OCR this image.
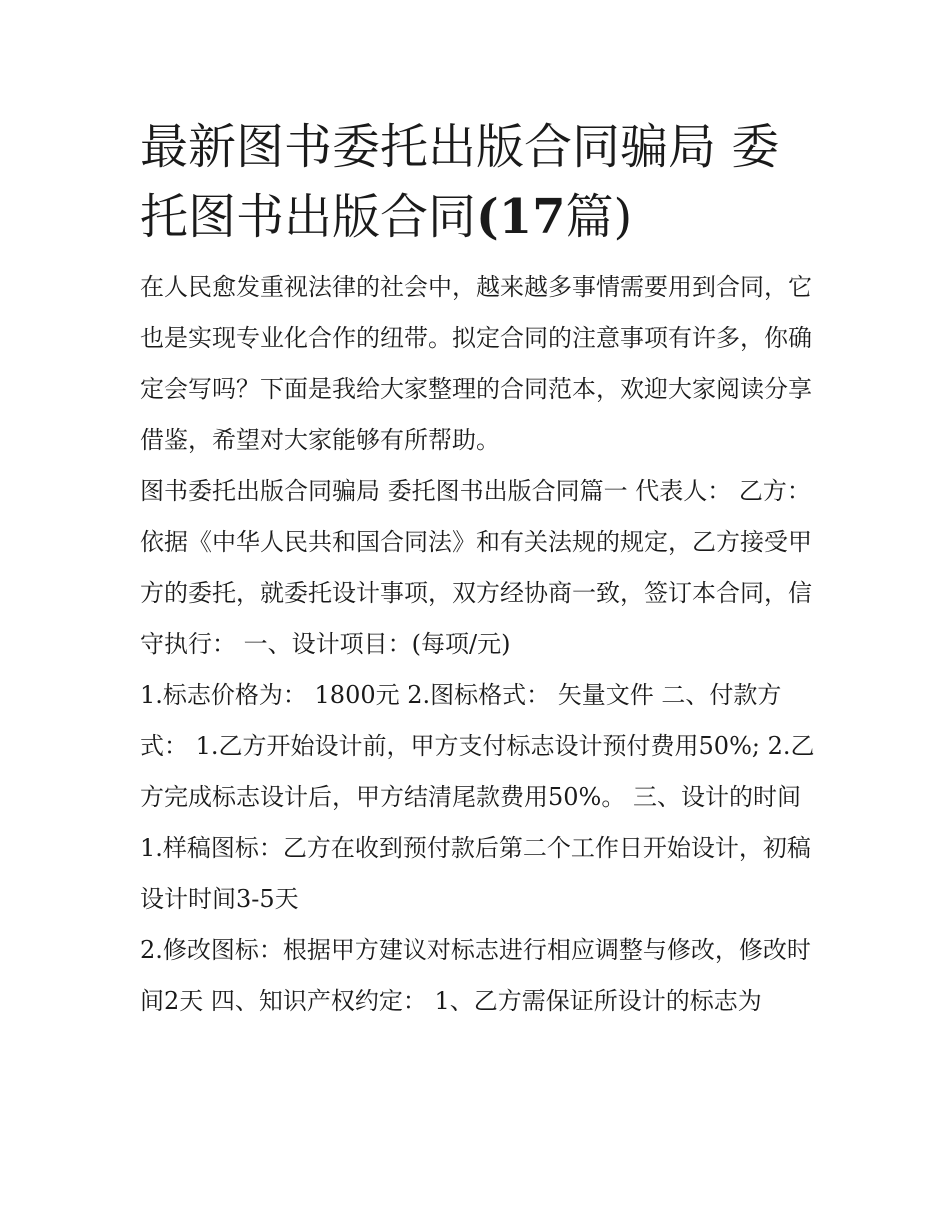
最新图书委托出版合同骗局 委托图书出版合同(17篇)

在人民愈发重视法律的社会中，越来越多事情需要用到合同，它也是实现专业化合作的纽带。拟定合同的注意事项有许多，你确定会写吗？下面是我给大家整理的合同范本，欢迎大家阅读分享借鉴，希望对大家能够有所帮助。

图书委托出版合同骗局 委托图书出版合同篇一 代表人： 乙方：

依据《中华人民共和国合同法》和有关法规的规定，乙方接受甲方的委托，就委托设计事项，双方经协商一致，签订本合同，信守执行： 一、设计项目：(每项/元)

1.标志价格为： 1800元 2.图标格式： 矢量文件 二、付款方式： 1.乙方开始设计前，甲方支付标志设计预付费用50%; 2.乙方完成标志设计后，甲方结清尾款费用50%。 三、设计的时间 1.样稿图标：乙方在收到预付款后第二个工作日开始设计，初稿设计时间3-5天

2.修改图标：根据甲方建议对标志进行相应调整与修改，修改时间2天 四、知识产权约定： 1、乙方需保证所设计的标志为
